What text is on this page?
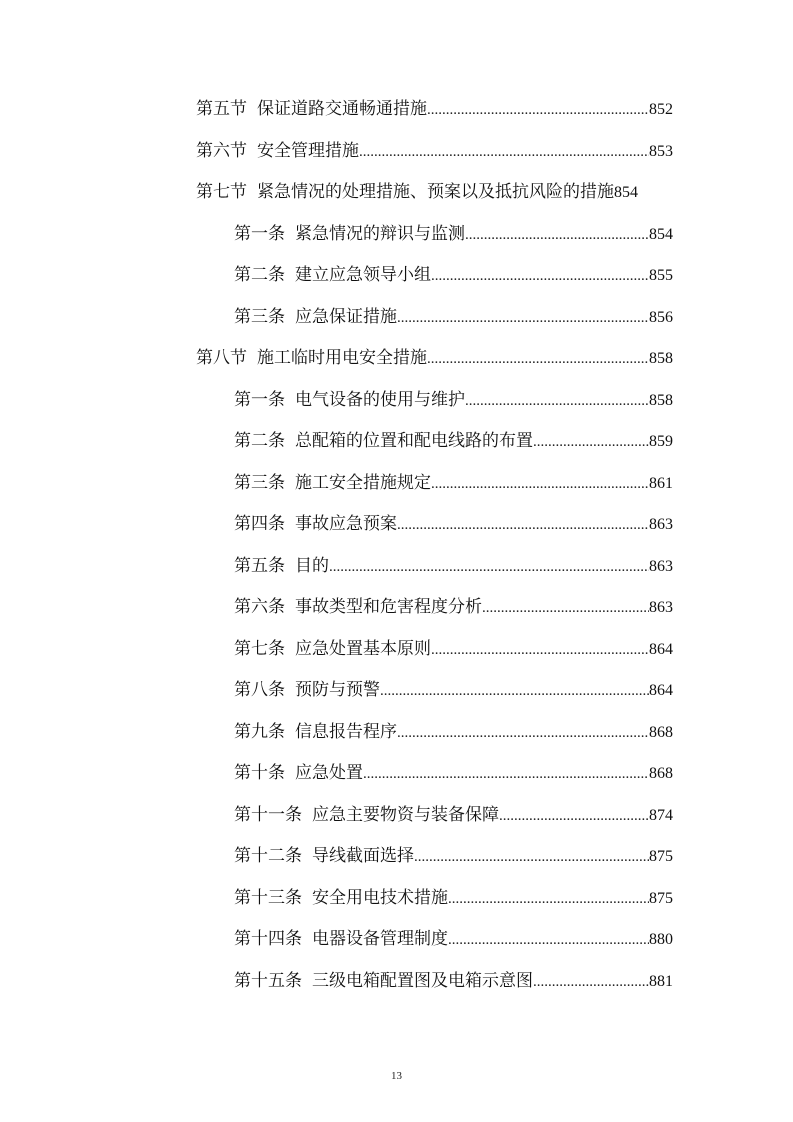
第五节 保证道路交通畅通措施 .....	852
第六节 安全管理措施 .....	853
第七节 紧急情况的处理措施、预案以及抵抗风险的措施 854
第一条 紧急情况的辩识与监测 .....	854
第二条 建立应急领导小组 .....	855
第三条 应急保证措施 .....	856
第八节 施工临时用电安全措施 .....	858
第一条 电气设备的使用与维护 .....	858
第二条 总配箱的位置和配电线路的布置 .....	859
第三条 施工安全措施规定 .....	861
第四条 事故应急预案 .....	863
第五条 目的 .....	863
第六条 事故类型和危害程度分析 .....	863
第七条 应急处置基本原则 .....	864
第八条 预防与预警 .....	864
第九条 信息报告程序 .....	868
第十条 应急处置 .....	868
第十一条 应急主要物资与装备保障 .....	874
第十二条 导线截面选择 .....	875
第十三条 安全用电技术措施 .....	875
第十四条 电器设备管理制度 .....	880
第十五条 三级电箱配置图及电箱示意图 .....	881
13
